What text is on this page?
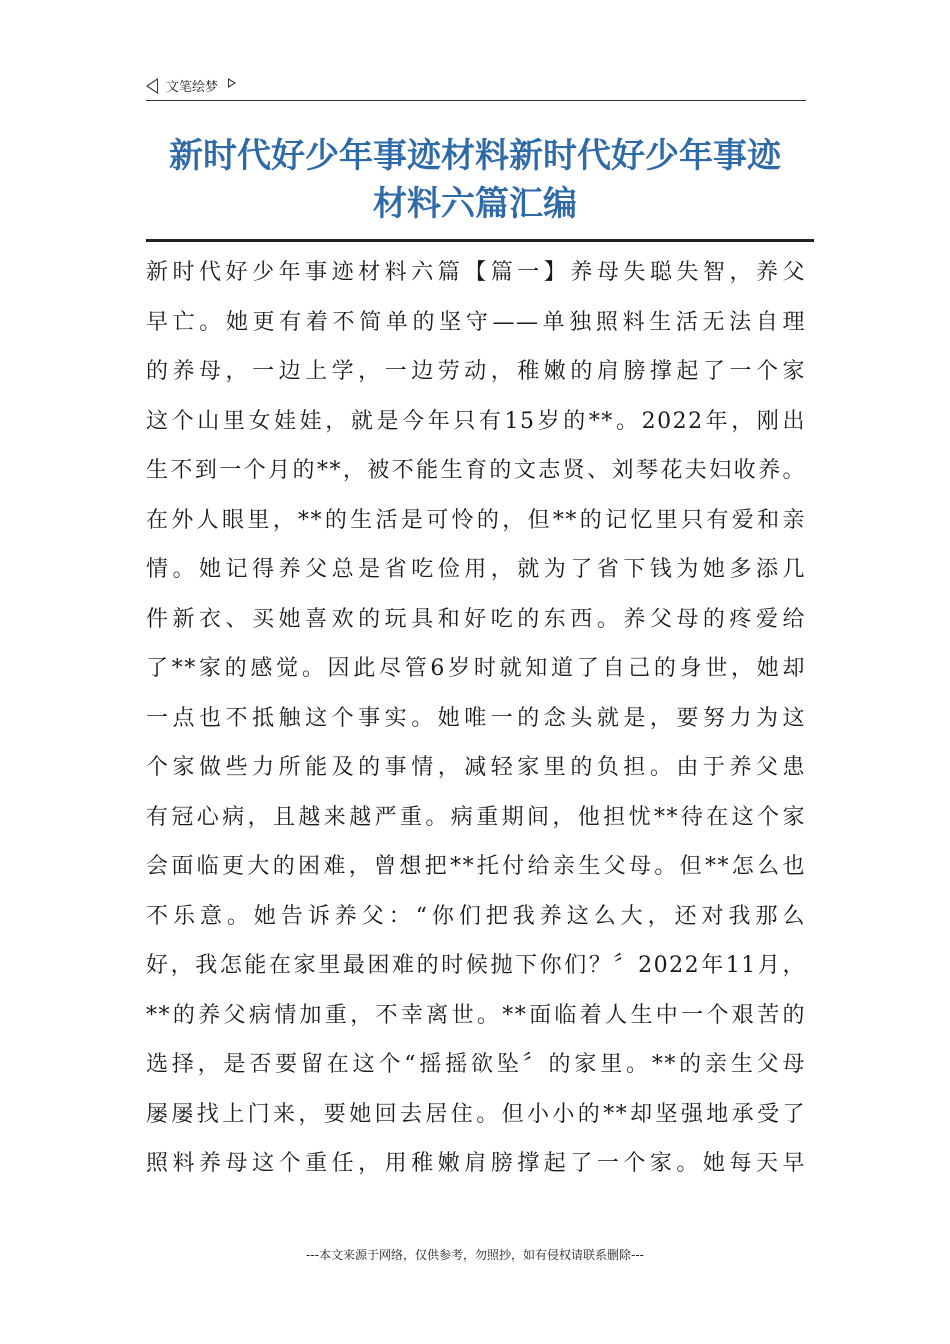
文笔绘梦
新时代好少年事迹材料新时代好少年事迹
材料六篇汇编
新时代好少年事迹材料六篇【篇一】养母失聪失智，养父
早亡。她更有着不简单的坚守——单独照料生活无法自理
的养母，一边上学，一边劳动，稚嫩的肩膀撑起了一个家
这个山里女娃娃，就是今年只有15岁的**。2022年，刚出
生不到一个月的**，被不能生育的文志贤、刘琴花夫妇收养。
在外人眼里，**的生活是可怜的，但**的记忆里只有爱和亲
情。她记得养父总是省吃俭用，就为了省下钱为她多添几
件新衣、买她喜欢的玩具和好吃的东西。养父母的疼爱给
了**家的感觉。因此尽管6岁时就知道了自己的身世，她却
一点也不抵触这个事实。她唯一的念头就是，要努力为这
个家做些力所能及的事情，减轻家里的负担。由于养父患
有冠心病，且越来越严重。病重期间，他担忧**待在这个家
会面临更大的困难，曾想把**托付给亲生父母。但**怎么也
不乐意。她告诉养父：“你们把我养这么大，还对我那么
好，我怎能在家里最困难的时候抛下你们？〞2022年11月，
**的养父病情加重，不幸离世。**面临着人生中一个艰苦的
选择，是否要留在这个“摇摇欲坠〞的家里。**的亲生父母
屡屡找上门来，要她回去居住。但小小的**却坚强地承受了
照料养母这个重任，用稚嫩肩膀撑起了一个家。她每天早
---本文来源于网络，仅供参考，勿照抄，如有侵权请联系删除---
